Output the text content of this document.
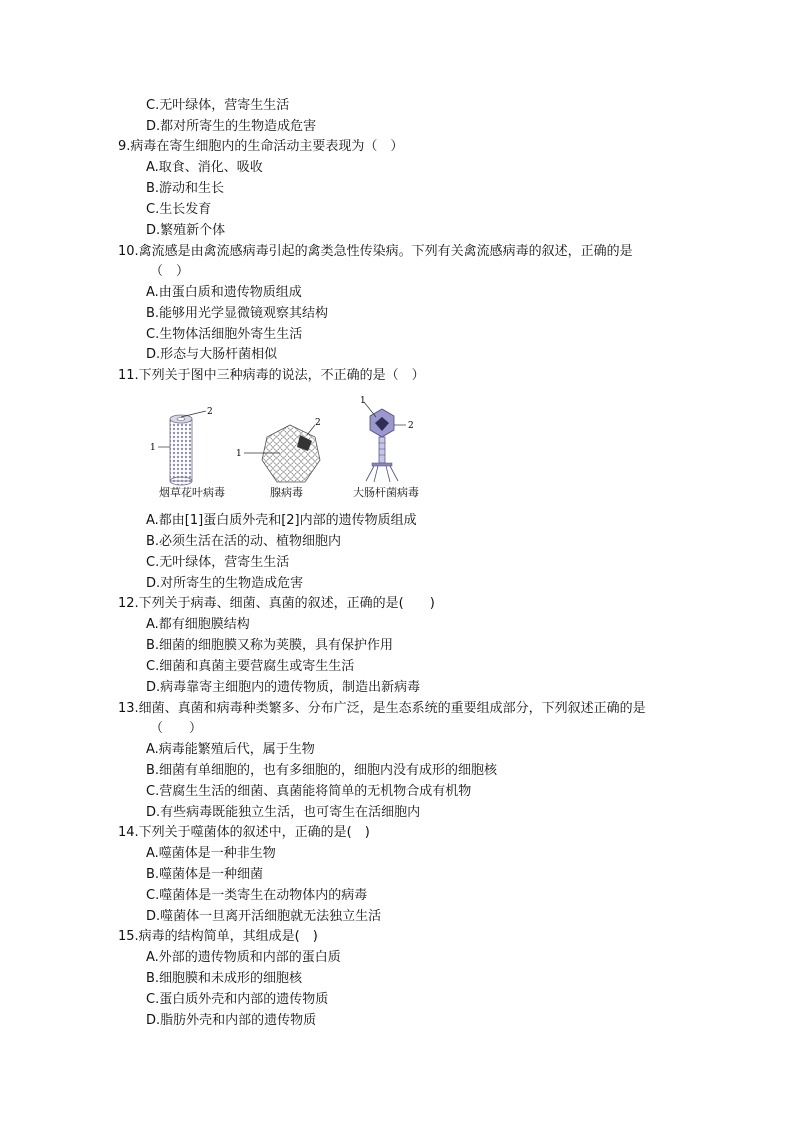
C.无叶绿体，营寄生生活
D.都对所寄生的生物造成危害
9.病毒在寄生细胞内的生命活动主要表现为（　）
A.取食、消化、吸收
B.游动和生长
C.生长发育
D.繁殖新个体
10.禽流感是由禽流感病毒引起的禽类急性传染病。下列有关禽流感病毒的叙述，正确的是
（　）
A.由蛋白质和遗传物质组成
B.能够用光学显微镜观察其结构
C.生物体活细胞外寄生生活
D.形态与大肠杆菌相似
11.下列关于图中三种病毒的说法，不正确的是（　）
2
1
2
1
1
2
烟草花叶病毒	腺病毒	大肠杆菌病毒
A.都由[1]蛋白质外壳和[2]内部的遗传物质组成
B.必须生活在活的动、植物细胞内
C.无叶绿体，营寄生生活
D.对所寄生的生物造成危害
12.下列关于病毒、细菌、真菌的叙述，正确的是(　　)
A.都有细胞膜结构
B.细菌的细胞膜又称为荚膜，具有保护作用
C.细菌和真菌主要营腐生或寄生生活
D.病毒靠寄主细胞内的遗传物质，制造出新病毒
13.细菌、真菌和病毒种类繁多、分布广泛，是生态系统的重要组成部分，下列叙述正确的是
（　　）
A.病毒能繁殖后代，属于生物
B.细菌有单细胞的，也有多细胞的，细胞内没有成形的细胞核
C.营腐生生活的细菌、真菌能将简单的无机物合成有机物
D.有些病毒既能独立生活，也可寄生在活细胞内
14.下列关于噬菌体的叙述中，正确的是(　)
A.噬菌体是一种非生物
B.噬菌体是一种细菌
C.噬菌体是一类寄生在动物体内的病毒
D.噬菌体一旦离开活细胞就无法独立生活
15.病毒的结构简单，其组成是(　)
A.外部的遗传物质和内部的蛋白质
B.细胞膜和未成形的细胞核
C.蛋白质外壳和内部的遗传物质
D.脂肪外壳和内部的遗传物质
